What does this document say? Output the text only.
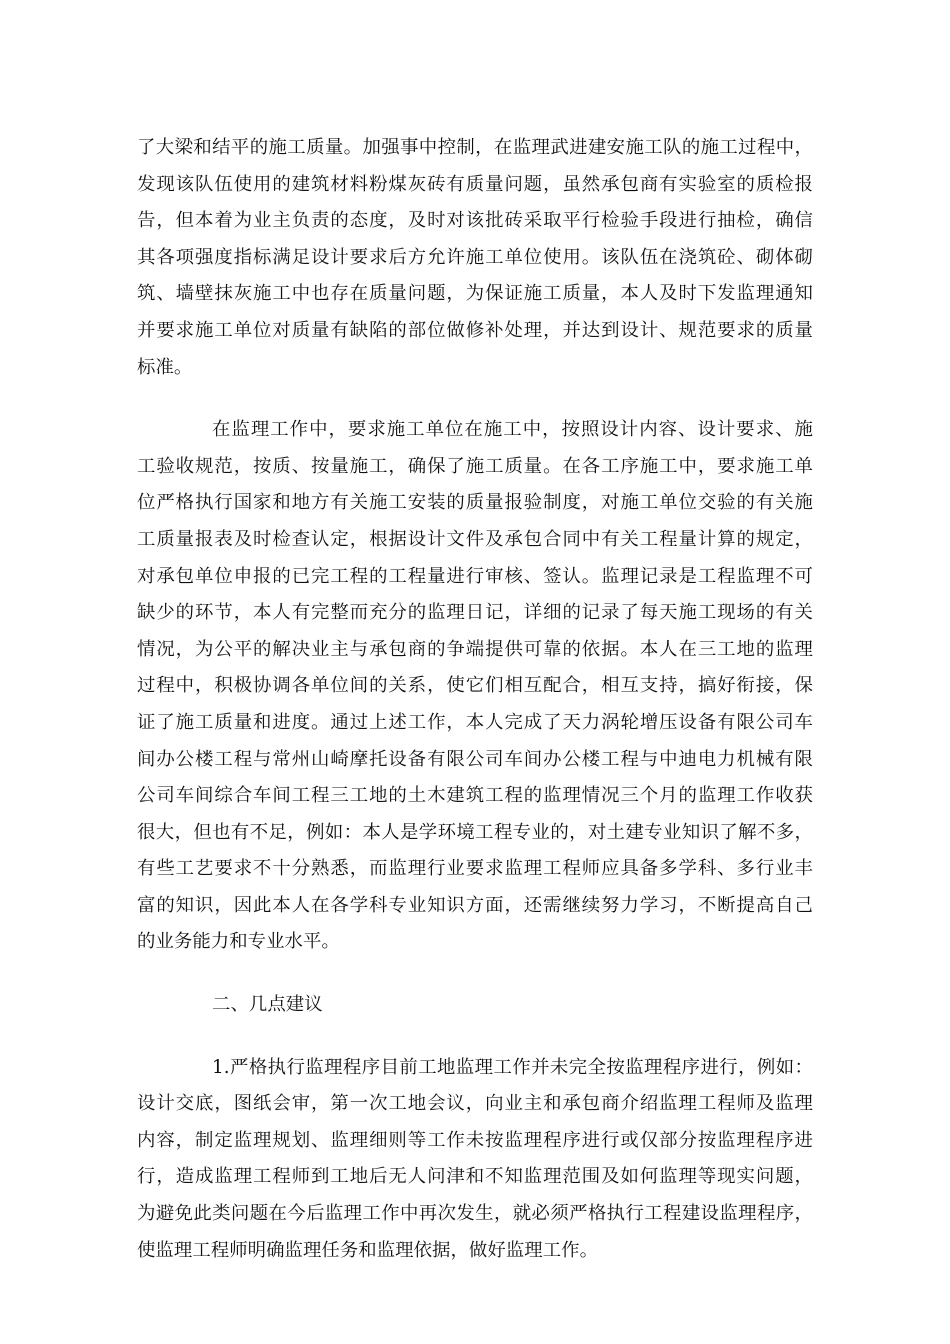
了大梁和结平的施工质量。加强事中控制，在监理武进建安施工队的施工过程中，
发现该队伍使用的建筑材料粉煤灰砖有质量问题，虽然承包商有实验室的质检报
告，但本着为业主负责的态度，及时对该批砖采取平行检验手段进行抽检，确信
其各项强度指标满足设计要求后方允许施工单位使用。该队伍在浇筑砼、砌体砌
筑、墙壁抹灰施工中也存在质量问题，为保证施工质量，本人及时下发监理通知
并要求施工单位对质量有缺陷的部位做修补处理，并达到设计、规范要求的质量
标准。
在监理工作中，要求施工单位在施工中，按照设计内容、设计要求、施
工验收规范，按质、按量施工，确保了施工质量。在各工序施工中，要求施工单
位严格执行国家和地方有关施工安装的质量报验制度，对施工单位交验的有关施
工质量报表及时检查认定，根据设计文件及承包合同中有关工程量计算的规定，
对承包单位申报的已完工程的工程量进行审核、签认。监理记录是工程监理不可
缺少的环节，本人有完整而充分的监理日记，详细的记录了每天施工现场的有关
情况，为公平的解决业主与承包商的争端提供可靠的依据。本人在三工地的监理
过程中，积极协调各单位间的关系，使它们相互配合，相互支持，搞好衔接，保
证了施工质量和进度。通过上述工作，本人完成了天力涡轮增压设备有限公司车
间办公楼工程与常州山崎摩托设备有限公司车间办公楼工程与中迪电力机械有限
公司车间综合车间工程三工地的土木建筑工程的监理情况三个月的监理工作收获
很大，但也有不足，例如：本人是学环境工程专业的，对土建专业知识了解不多，
有些工艺要求不十分熟悉，而监理行业要求监理工程师应具备多学科、多行业丰
富的知识，因此本人在各学科专业知识方面，还需继续努力学习，不断提高自己
的业务能力和专业水平。
二、几点建议
1.严格执行监理程序目前工地监理工作并未完全按监理程序进行，例如：
设计交底，图纸会审，第一次工地会议，向业主和承包商介绍监理工程师及监理
内容，制定监理规划、监理细则等工作未按监理程序进行或仅部分按监理程序进
行，造成监理工程师到工地后无人问津和不知监理范围及如何监理等现实问题，
为避免此类问题在今后监理工作中再次发生，就必须严格执行工程建设监理程序，
使监理工程师明确监理任务和监理依据，做好监理工作。
